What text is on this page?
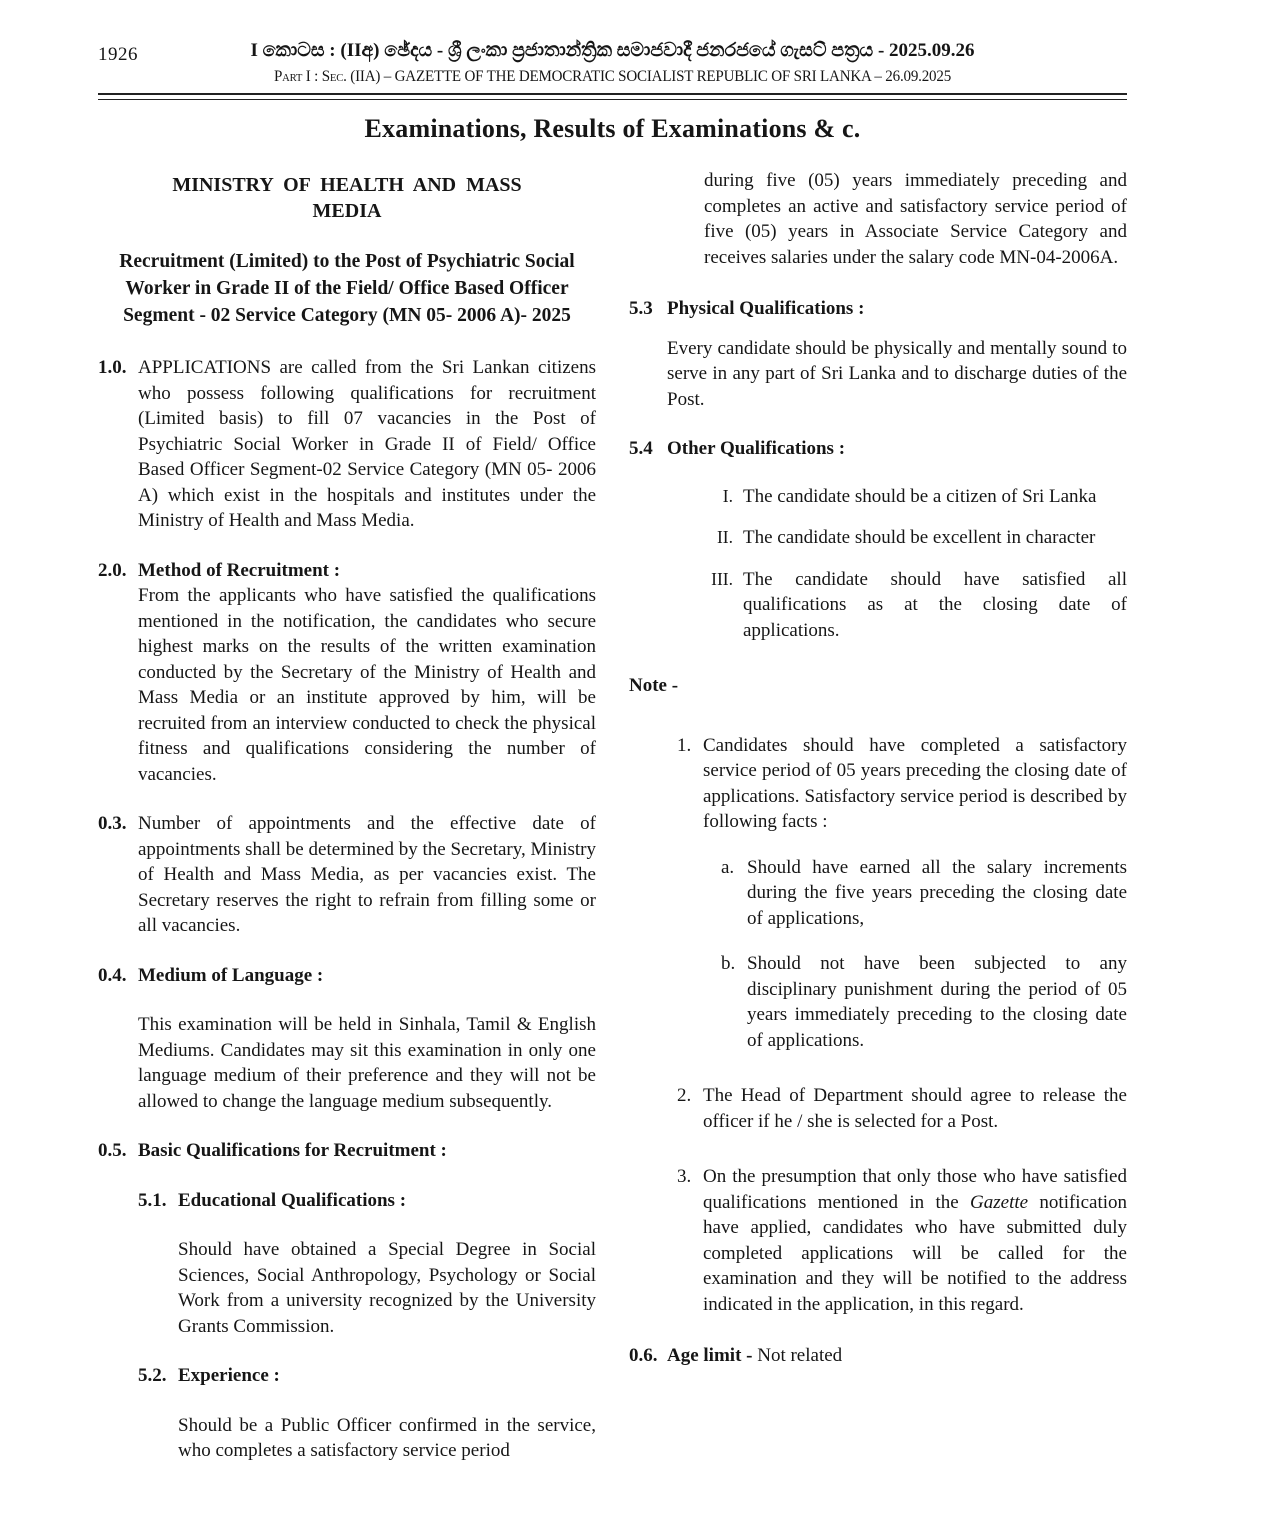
1926	I කොටස : (IIඅ) ඡේදය - ශ්‍රී ලංකා ප්‍රජාතාන්ත්‍රික සමාජවාදී ජනරජයේ ගැසට් පත්‍රය - 2025.09.26
Part I : Sec. (IIA) – GAZETTE OF THE DEMOCRATIC SOCIALIST REPUBLIC OF SRI LANKA – 26.09.2025
Examinations, Results of Examinations & c.
MINISTRY OF HEALTH AND MASS MEDIA
Recruitment (Limited) to the Post of Psychiatric Social Worker in Grade II of the Field/ Office Based Officer Segment - 02 Service Category (MN 05- 2006 A)- 2025
1.0. APPLICATIONS are called from the Sri Lankan citizens who possess following qualifications for recruitment (Limited basis) to fill 07 vacancies in the Post of Psychiatric Social Worker in Grade II of Field/ Office Based Officer Segment-02 Service Category (MN 05- 2006 A) which exist in the hospitals and institutes under the Ministry of Health and Mass Media.
2.0. Method of Recruitment :
From the applicants who have satisfied the qualifications mentioned in the notification, the candidates who secure highest marks on the results of the written examination conducted by the Secretary of the Ministry of Health and Mass Media or an institute approved by him, will be recruited from an interview conducted to check the physical fitness and qualifications considering the number of vacancies.
0.3. Number of appointments and the effective date of appointments shall be determined by the Secretary, Ministry of Health and Mass Media, as per vacancies exist. The Secretary reserves the right to refrain from filling some or all vacancies.
0.4. Medium of Language :
This examination will be held in Sinhala, Tamil & English Mediums. Candidates may sit this examination in only one language medium of their preference and they will not be allowed to change the language medium subsequently.
0.5. Basic Qualifications for Recruitment :
5.1. Educational Qualifications :
Should have obtained a Special Degree in Social Sciences, Social Anthropology, Psychology or Social Work from a university recognized by the University Grants Commission.
5.2. Experience :
Should be a Public Officer confirmed in the service, who completes a satisfactory service period
during five (05) years immediately preceding and completes an active and satisfactory service period of five (05) years in Associate Service Category and receives salaries under the salary code MN-04-2006A.
5.3 Physical Qualifications :
Every candidate should be physically and mentally sound to serve in any part of Sri Lanka and to discharge duties of the Post.
5.4 Other Qualifications :
I. The candidate should be a citizen of Sri Lanka
II. The candidate should be excellent in character
III. The candidate should have satisfied all qualifications as at the closing date of applications.
Note -
1. Candidates should have completed a satisfactory service period of 05 years preceding the closing date of applications. Satisfactory service period is described by following facts :
a. Should have earned all the salary increments during the five years preceding the closing date of applications,
b. Should not have been subjected to any disciplinary punishment during the period of 05 years immediately preceding to the closing date of applications.
2. The Head of Department should agree to release the officer if he / she is selected for a Post.
3. On the presumption that only those who have satisfied qualifications mentioned in the Gazette notification have applied, candidates who have submitted duly completed applications will be called for the examination and they will be notified to the address indicated in the application, in this regard.
0.6. Age limit - Not related
